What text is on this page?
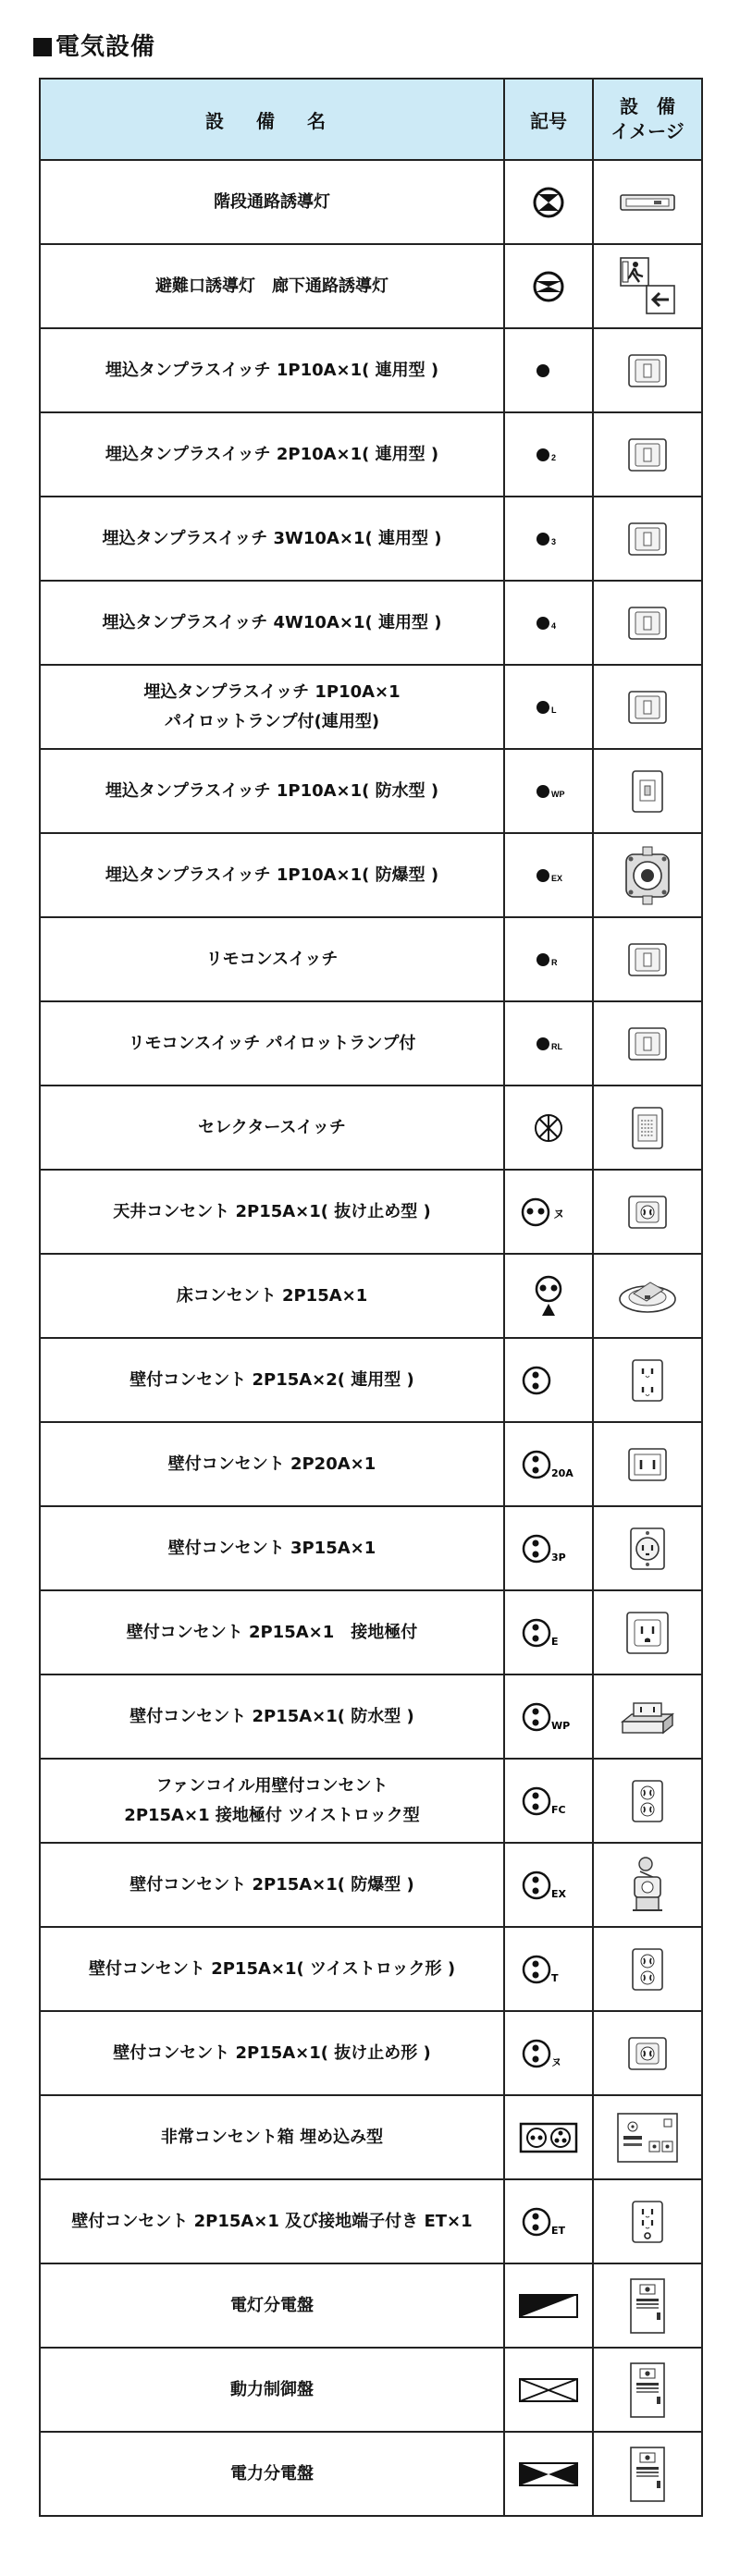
電気設備
設 備 名	記号	設　備
イメージ
階段通路誘導灯	

避難口誘導灯　廊下通路誘導灯	

埋込タンプラスイッチ 1P10A×1( 連用型 )	

埋込タンプラスイッチ 2P10A×1( 連用型 )	2

埋込タンプラスイッチ 3W10A×1( 連用型 )	3

埋込タンプラスイッチ 4W10A×1( 連用型 )	4

埋込タンプラスイッチ 1P10A×1
パイロットランプ付(連用型)	L

埋込タンプラスイッチ 1P10A×1( 防水型 )	WP

埋込タンプラスイッチ 1P10A×1( 防爆型 )	EX

リモコンスイッチ	R

リモコンスイッチ パイロットランプ付	RL

セレクタースイッチ	

天井コンセント 2P15A×1( 抜け止め型 )	ヌ

床コンセント 2P15A×1	

壁付コンセント 2P15A×2( 連用型 )	

壁付コンセント 2P20A×1	20A

壁付コンセント 3P15A×1	3P

壁付コンセント 2P15A×1　接地極付	E

壁付コンセント 2P15A×1( 防水型 )	WP

ファンコイル用壁付コンセント
2P15A×1 接地極付 ツイストロック型	FC

壁付コンセント 2P15A×1( 防爆型 )	EX

壁付コンセント 2P15A×1( ツイストロック形 )	T

壁付コンセント 2P15A×1( 抜け止め形 )	ヌ

非常コンセント箱 埋め込み型	

壁付コンセント 2P15A×1 及び接地端子付き ET×1	ET

電灯分電盤	

動力制御盤	

電力分電盤	
